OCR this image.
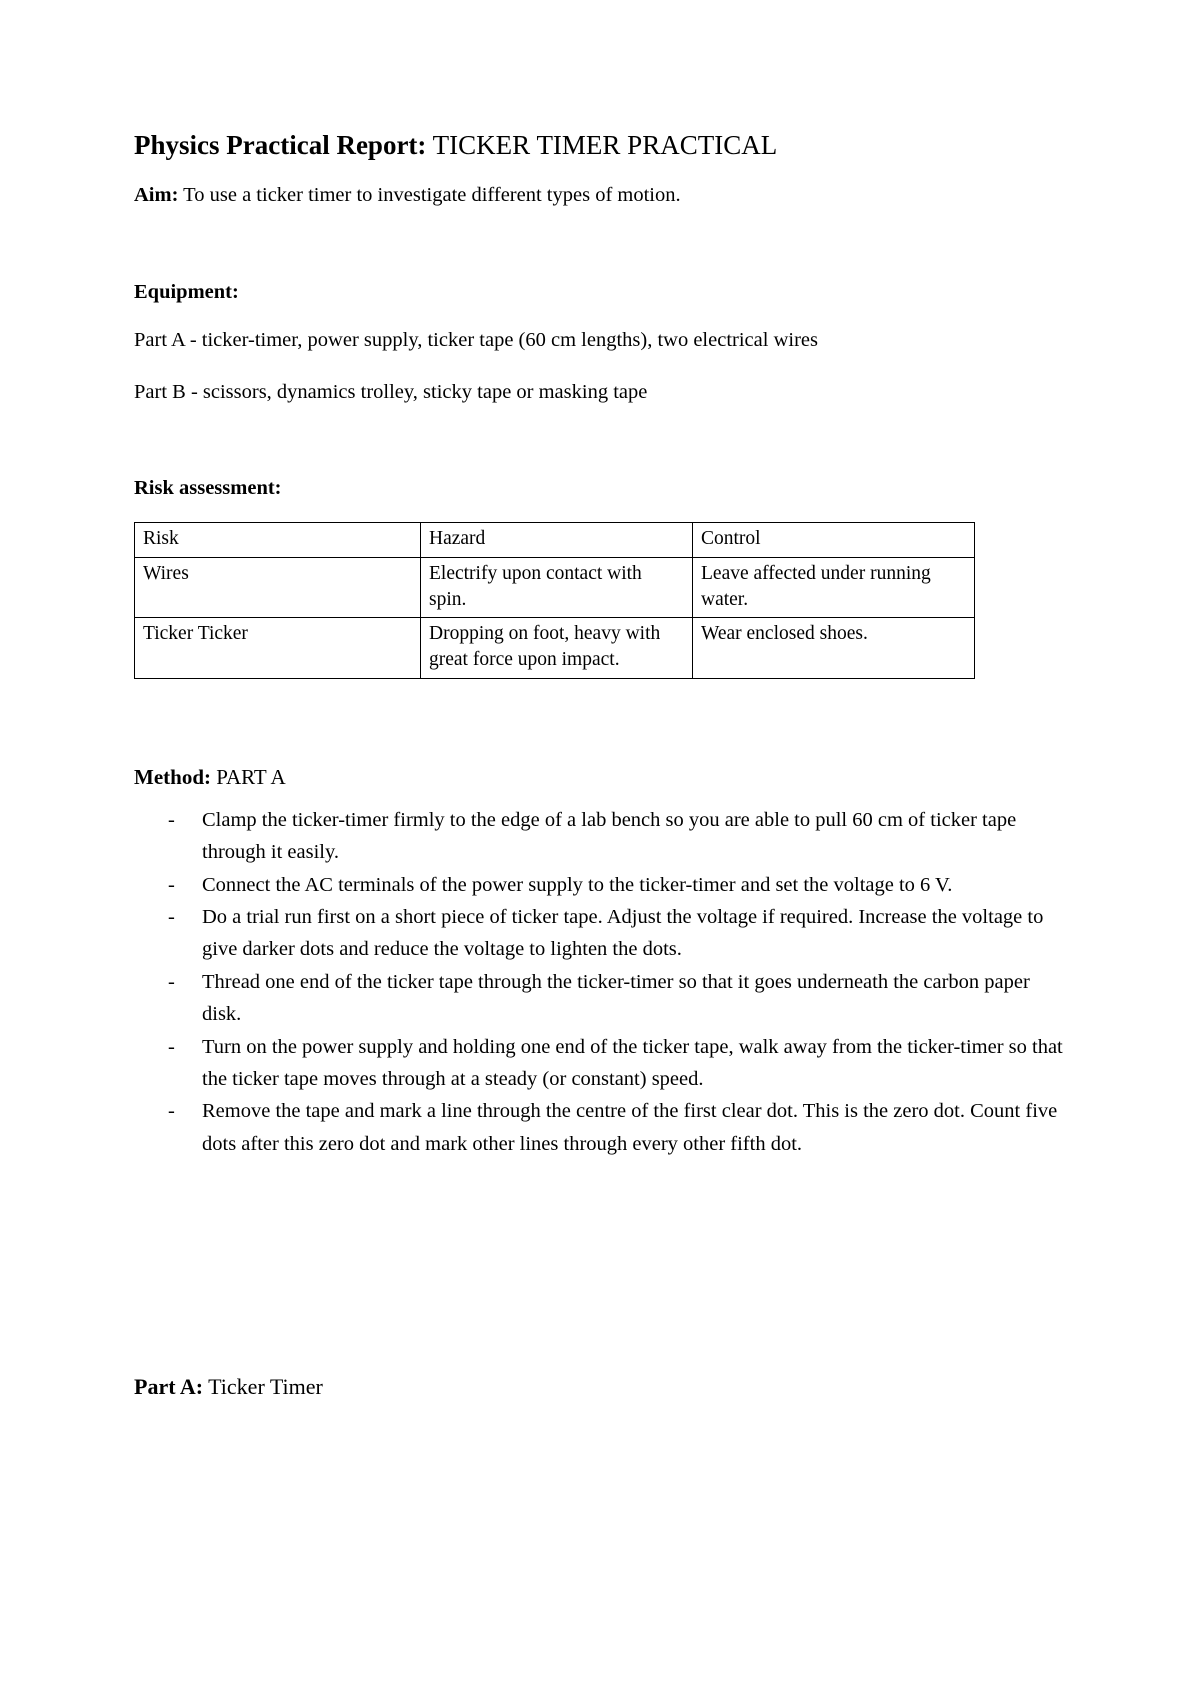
Physics Practical Report: TICKER TIMER PRACTICAL

Aim: To use a ticker timer to investigate different types of motion.

Equipment:

Part A - ticker-timer, power supply, ticker tape (60 cm lengths), two electrical wires

Part B - scissors, dynamics trolley, sticky tape or masking tape

Risk assessment:

Risk	Hazard	Control
Wires	Electrify upon contact with spin.	Leave affected under running water.
Ticker Ticker	Dropping on foot, heavy with great force upon impact.	Wear enclosed shoes.

Method: PART A

- Clamp the ticker-timer firmly to the edge of a lab bench so you are able to pull 60 cm of ticker tape through it easily.
- Connect the AC terminals of the power supply to the ticker-timer and set the voltage to 6 V.
- Do a trial run first on a short piece of ticker tape. Adjust the voltage if required. Increase the voltage to give darker dots and reduce the voltage to lighten the dots.
- Thread one end of the ticker tape through the ticker-timer so that it goes underneath the carbon paper disk.
- Turn on the power supply and holding one end of the ticker tape, walk away from the ticker-timer so that the ticker tape moves through at a steady (or constant) speed.
- Remove the tape and mark a line through the centre of the first clear dot. This is the zero dot. Count five dots after this zero dot and mark other lines through every other fifth dot.

Part A: Ticker Timer
